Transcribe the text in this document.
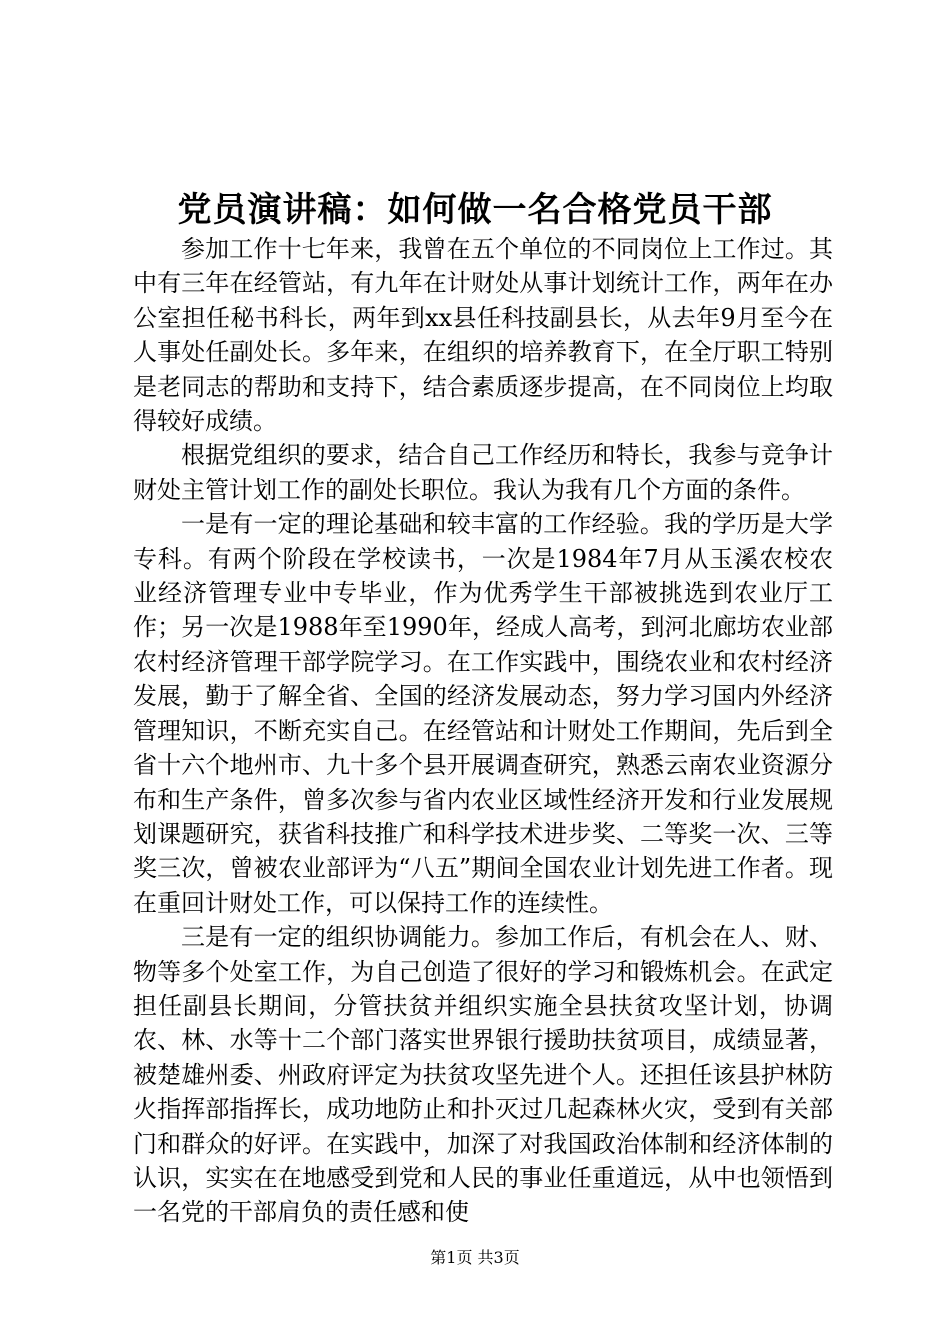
党员演讲稿：如何做一名合格党员干部

参加工作十七年来，我曾在五个单位的不同岗位上工作过。其中有三年在经管站，有九年在计财处从事计划统计工作，两年在办公室担任秘书科长，两年到xx县任科技副县长，从去年9月至今在人事处任副处长。多年来，在组织的培养教育下，在全厅职工特别是老同志的帮助和支持下，结合素质逐步提高，在不同岗位上均取得较好成绩。

根据党组织的要求，结合自己工作经历和特长，我参与竞争计财处主管计划工作的副处长职位。我认为我有几个方面的条件。

一是有一定的理论基础和较丰富的工作经验。我的学历是大学专科。有两个阶段在学校读书，一次是1984年7月从玉溪农校农业经济管理专业中专毕业，作为优秀学生干部被挑选到农业厅工作；另一次是1988年至1990年，经成人高考，到河北廊坊农业部农村经济管理干部学院学习。在工作实践中，围绕农业和农村经济发展，勤于了解全省、全国的经济发展动态，努力学习国内外经济管理知识，不断充实自己。在经管站和计财处工作期间，先后到全省十六个地州市、九十多个县开展调查研究，熟悉云南农业资源分布和生产条件，曾多次参与省内农业区域性经济开发和行业发展规划课题研究，获省科技推广和科学技术进步奖、二等奖一次、三等奖三次，曾被农业部评为“八五”期间全国农业计划先进工作者。现在重回计财处工作，可以保持工作的连续性。

三是有一定的组织协调能力。参加工作后，有机会在人、财、物等多个处室工作，为自己创造了很好的学习和锻炼机会。在武定担任副县长期间，分管扶贫并组织实施全县扶贫攻坚计划，协调农、林、水等十二个部门落实世界银行援助扶贫项目，成绩显著，被楚雄州委、州政府评定为扶贫攻坚先进个人。还担任该县护林防火指挥部指挥长，成功地防止和扑灭过几起森林火灾，受到有关部门和群众的好评。在实践中，加深了对我国政治体制和经济体制的认识，实实在在地感受到党和人民的事业任重道远，从中也领悟到一名党的干部肩负的责任感和使

第1页 共3页
